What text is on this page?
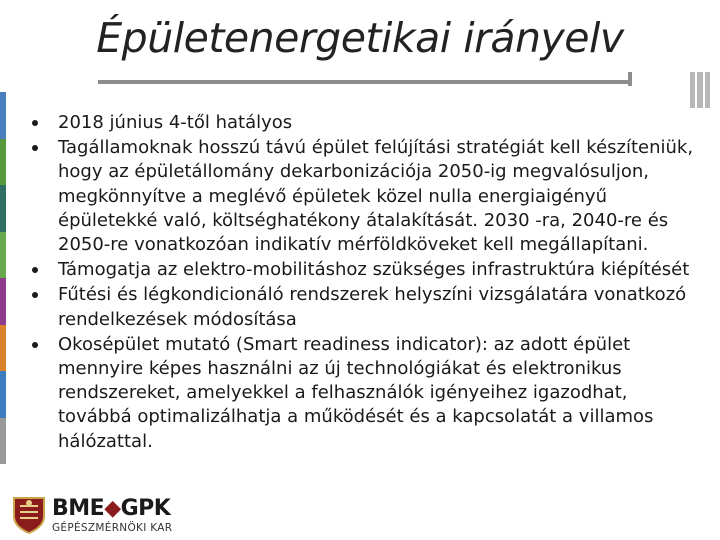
Épületenergetikai irányelv
2018 június 4-től hatályos
Tagállamoknak hosszú távú épület felújítási stratégiát kell készíteniük, hogy az épületállomány dekarbonizációja 2050-ig megvalósuljon, megkönnyítve a meglévő épületek közel nulla energiaigényű épületekké való, költséghatékony átalakítását. 2030 -ra, 2040-re és 2050-re vonatkozóan indikatív mérföldköveket kell megállapítani.
Támogatja az elektro-mobilitáshoz szükséges infrastruktúra kiépítését
Fűtési és légkondicionáló rendszerek helyszíni vizsgálatára vonatkozó rendelkezések módosítása
Okosépület mutató (Smart readiness indicator): az adott épület mennyire képes használni az új technológiákat és elektronikus rendszereket, amelyekkel a felhasználók igényeihez igazodhat, továbbá optimalizálhatja a működését és a kapcsolatát a villamos hálózattal.
BME◆GPK
GÉPÉSZMÉRNÖKI KAR
